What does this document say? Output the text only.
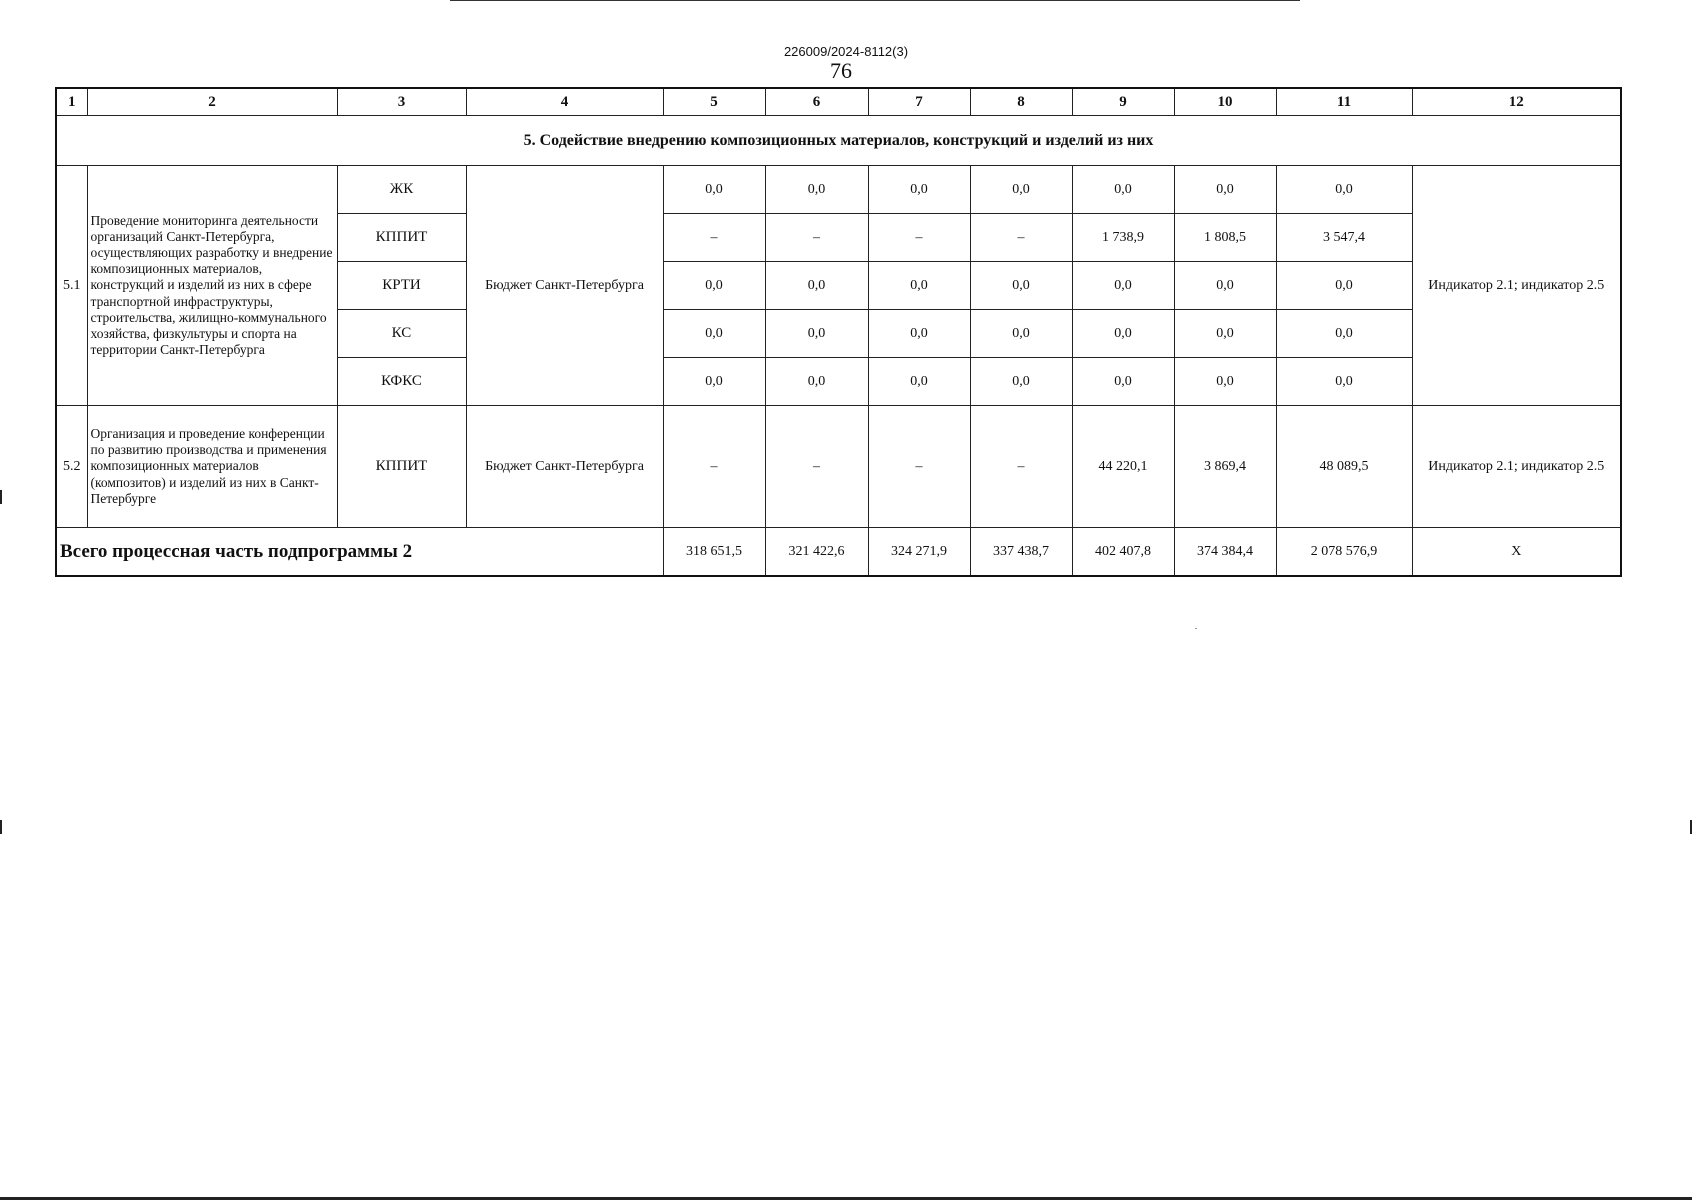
226009/2024-8112(3)
76
1	2	3	4	5	6	7	8	9	10	11	12
5. Содействие внедрению композиционных материалов, конструкций и изделий из них											
5.1	Проведение мониторинга деятельности организаций Санкт-Петербурга, осуществляющих разработку и внедрение композиционных материалов, конструкций и изделий из них в сфере транспортной инфраструктуры, строительства, жилищно-коммунального хозяйства, физкультуры и спорта на территории Санкт-Петербурга	ЖК	Бюджет Санкт-Петербурга	0,0	0,0	0,0	0,0	0,0	0,0	0,0	Индикатор 2.1; индикатор 2.5
		КППИТ		–	–	–	–	1 738,9	1 808,5	3 547,4	
		КРТИ		0,0	0,0	0,0	0,0	0,0	0,0	0,0	
		КС		0,0	0,0	0,0	0,0	0,0	0,0	0,0	
		КФКС		0,0	0,0	0,0	0,0	0,0	0,0	0,0	
5.2	Организация и проведение конференции по развитию производства и применения композиционных материалов (композитов) и изделий из них в Санкт-Петербурге	КППИТ	Бюджет Санкт-Петербурга	–	–	–	–	44 220,1	3 869,4	48 089,5	Индикатор 2.1; индикатор 2.5
Всего процессная часть подпрограммы 2				318 651,5	321 422,6	324 271,9	337 438,7	402 407,8	374 384,4	2 078 576,9	Х
